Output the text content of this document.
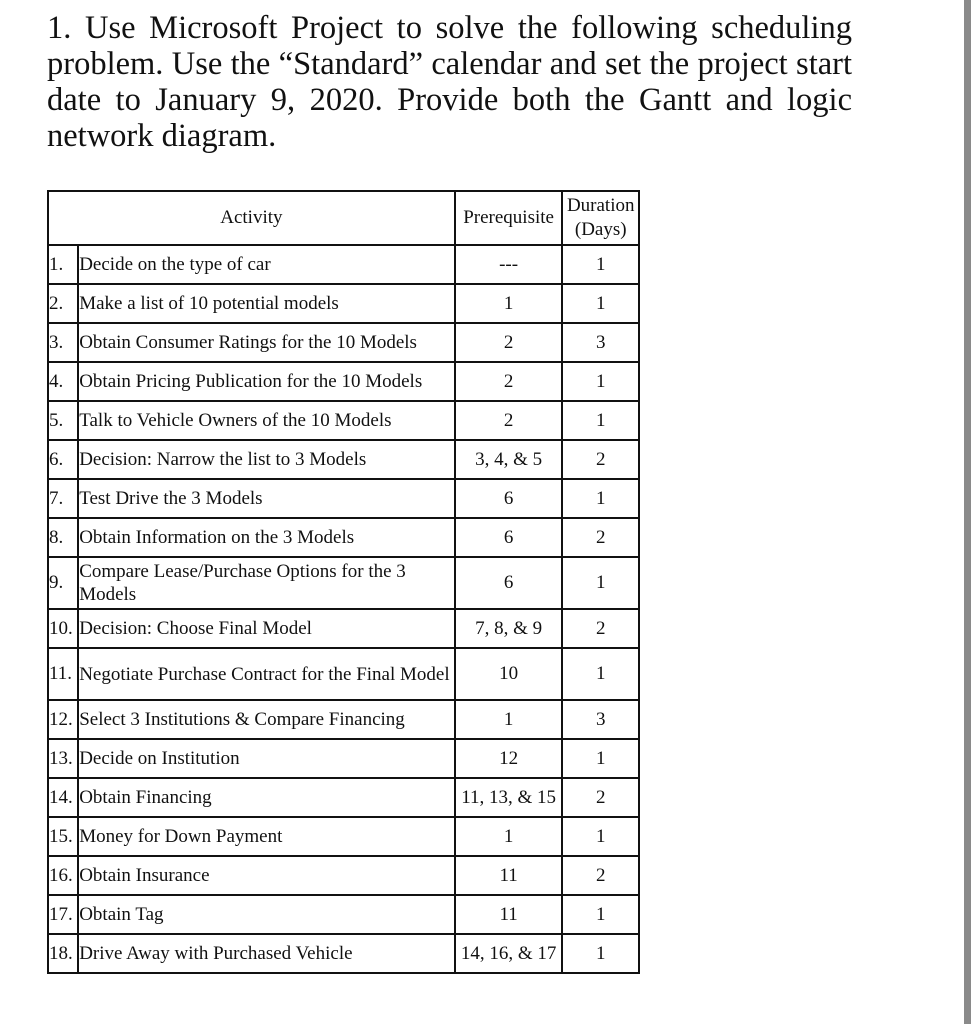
1. Use Microsoft Project to solve the following scheduling
problem. Use the “Standard” calendar and set the project start
date to January 9, 2020. Provide both the Gantt and logic
network diagram.

Activity		Prerequisite	Duration
(Days)
1.	Decide on the type of car	---	1
2.	Make a list of 10 potential models	1	1
3.	Obtain Consumer Ratings for the 10 Models	2	3
4.	Obtain Pricing Publication for the 10 Models	2	1
5.	Talk to Vehicle Owners of the 10 Models	2	1
6.	Decision: Narrow the list to 3 Models	3, 4, & 5	2
7.	Test Drive the 3 Models	6	1
8.	Obtain Information on the 3 Models	6	2
9.	Compare Lease/Purchase Options for the 3 Models	6	1
10.	Decision: Choose Final Model	7, 8, & 9	2
11.	Negotiate Purchase Contract for the Final Model	10	1
12.	Select 3 Institutions & Compare Financing	1	3
13.	Decide on Institution	12	1
14.	Obtain Financing	11, 13, & 15	2
15.	Money for Down Payment	1	1
16.	Obtain Insurance	11	2
17.	Obtain Tag	11	1
18.	Drive Away with Purchased Vehicle	14, 16, & 17	1
